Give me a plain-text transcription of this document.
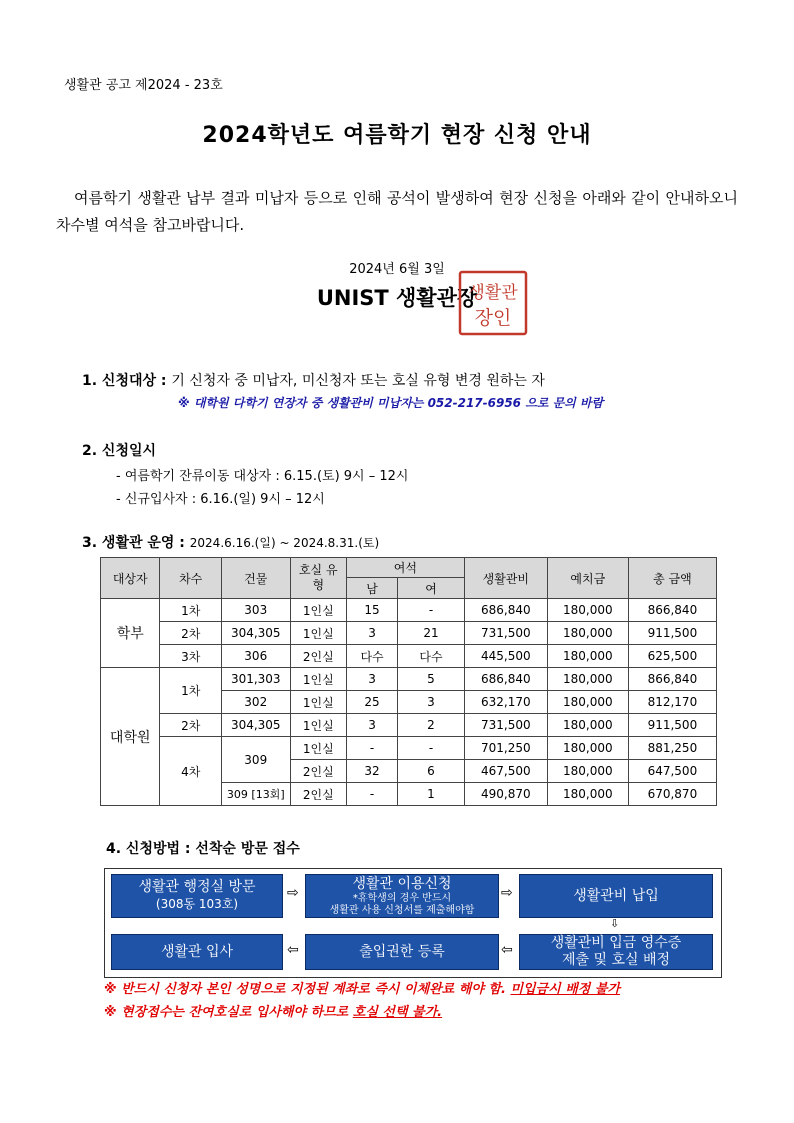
생활관 공고 제2024 - 23호
2024학년도 여름학기 현장 신청 안내
여름학기 생활관 납부 결과 미납자 등으로 인해 공석이 발생하여 현장 신청을 아래와 같이 안내하오니 차수별 여석을 참고바랍니다.
2024년 6월 3일
UNIST 생활관장
생활관
장인
1. 신청대상 : 기 신청자 중 미납자, 미신청자 또는 호실 유형 변경 원하는 자
※ 대학원 다학기 연장자 중 생활관비 미납자는 052-217-6956 으로 문의 바람
2. 신청일시
- 여름학기 잔류이동 대상자 : 6.15.(토) 9시 – 12시
- 신규입사자 : 6.16.(일) 9시 – 12시
3. 생활관 운영 : 2024.6.16.(일) ~ 2024.8.31.(토)
대상자	차수	건물	호실 유형	여석		생활관비	예치금	총 금액
				남	여			
학부	1차	303	1인실	15	-	686,840	180,000	866,840
	2차	304,305	1인실	3	21	731,500	180,000	911,500
	3차	306	2인실	다수	다수	445,500	180,000	625,500
대학원	1차	301,303	1인실	3	5	686,840	180,000	866,840
		302	1인실	25	3	632,170	180,000	812,170
	2차	304,305	1인실	3	2	731,500	180,000	911,500
	4차	309	1인실	-	-	701,250	180,000	881,250
			2인실	32	6	467,500	180,000	647,500
		309 [13회]	2인실	-	1	490,870	180,000	670,870
4. 신청방법 : 선착순 방문 접수
생활관 행정실 방문
(308동 103호)
⇨
생활관 이용신청
*휴학생의 경우 반드시
생활관 사용 신청서를 제출해야함
⇨	생활관비 납입
⇩
생활관 입사	⇦	출입권한 등록	⇦	생활관비 입금 영수증
제출 및 호실 배정
※ 반드시 신청자 본인 성명으로 지정된 계좌로 즉시 이체완료 해야 함. 미입금시 배정 불가
※ 현장접수는 잔여호실로 입사해야 하므로 호실 선택 불가.
